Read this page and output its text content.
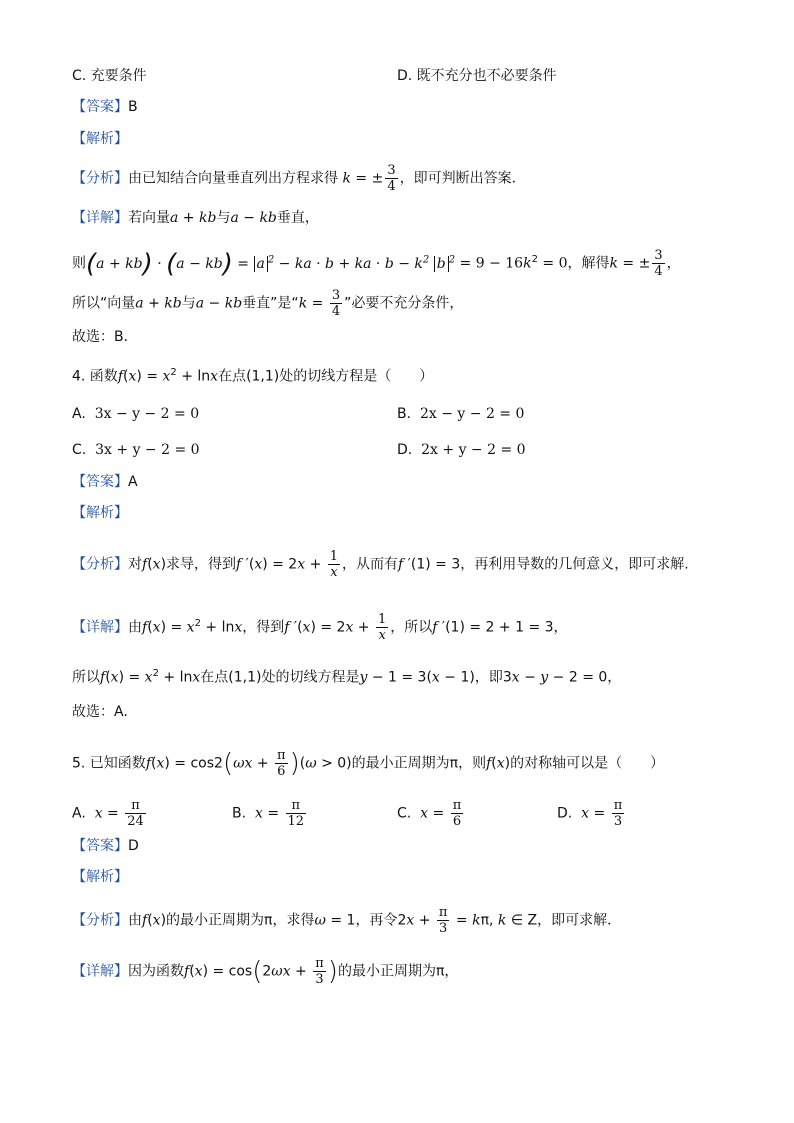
C. 充要条件	D. 既不充分也不必要条件
【答案】B
【解析】
【分析】由已知结合向量垂直列出方程求得 k = ± $\frac{3}{4}$ ，即可判断出答案．
【详解】若向量a + kb与a − kb垂直，
则(a + kb) · (a − kb) = a $^2$ − ka · b + ka · $b - k^2$ b $^2 = 9 - 16k^2 = 0$，解得k = ± $\frac{3}{4}$ ，
所以“向量a + kb与a − kb垂直”是“$k = \frac{3}{4}$ ”必要不充分条件，
故选：B．
4. 函数$f(x) = x^2 + \ln x$在点(1,1)处的切线方程是（　　）
A. 3x − y − 2 = 0	B. 2x − y − 2 = 0
C. 3x + y − 2 = 0	D. 2x + y − 2 = 0
【答案】A
【解析】
【分析】对f(x)求导，得到f $'(x) = 2x + \frac{1}{x}$ ，从而有f ′(1) = 3，再利用导数的几何意义，即可求解.
【详解】由$f(x) = x^2 + \ln x$，得到f $'(x) = 2x + \frac{1}{x}$ ，所以f ′(1) = 2 + 1 = 3，
所以$f(x) = x^2 + \ln x$在点(1,1)处的切线方程是y − 1 = 3(x − 1)，即3x − y − 2 = 0，
故选：A.
5. 已知函数$f(x) = \cos 2(\omega x + \frac{\pi}{6} )(\omega > 0)$的最小正周期为π，则f(x)的对称轴可以是（　　）
A. $x = \frac{\pi}{24}$	B. $x = \frac{\pi}{12}$	C. $x = \frac{\pi}{6}$	D. $x = \frac{\pi}{3}$
【答案】D
【解析】
【分析】由f(x)的最小正周期为π，求得ω = 1，再令$2x + \frac{\pi}{3} = k\pi$, k ∈ Z，即可求解．
【详解】因为函数$f(x) = \cos(2\omega x + \frac{\pi}{3}$ )的最小正周期为π，
